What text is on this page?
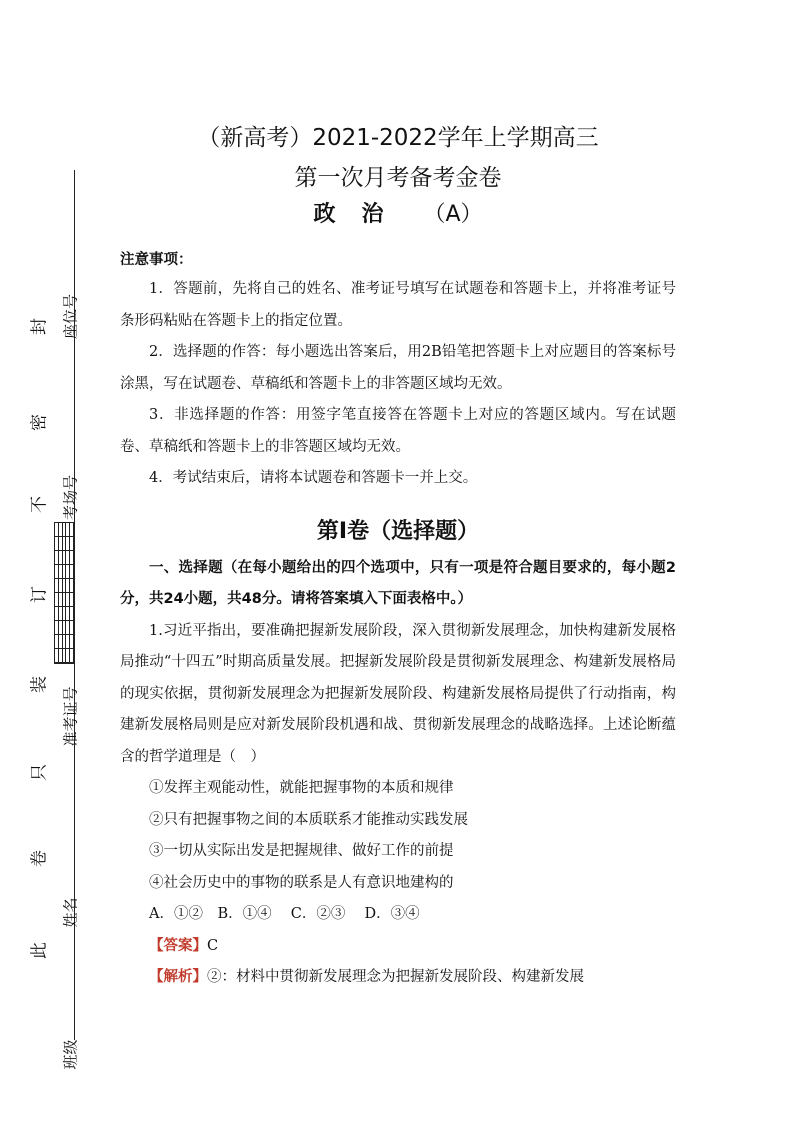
封
密
不
订
装
只
卷
此
座位号
考场号
准考证号
姓名
班级
（新高考）2021-2022学年上学期高三
第一次月考备考金卷
政　治 （A）
注意事项：

1．答题前，先将自己的姓名、准考证号填写在试题卷和答题卡上，并将准考证号条形码粘贴在答题卡上的指定位置。

2．选择题的作答：每小题选出答案后，用2B铅笔把答题卡上对应题目的答案标号涂黑，写在试题卷、草稿纸和答题卡上的非答题区域均无效。

3．非选择题的作答：用签字笔直接答在答题卡上对应的答题区域内。写在试题卷、草稿纸和答题卡上的非答题区域均无效。

4．考试结束后，请将本试题卷和答题卡一并上交。

第Ⅰ卷（选择题）

一、选择题（在每小题给出的四个选项中，只有一项是符合题目要求的，每小题2分，共24小题，共48分。请将答案填入下面表格中。）

1.习近平指出，要准确把握新发展阶段，深入贯彻新发展理念，加快构建新发展格局推动“十四五”时期高质量发展。把握新发展阶段是贯彻新发展理念、构建新发展格局的现实依据，贯彻新发展理念为把握新发展阶段、构建新发展格局提供了行动指南，构建新发展格局则是应对新发展阶段机遇和战、贯彻新发展理念的战略选择。上述论断蕴含的哲学道理是（　）

①发挥主观能动性，就能把握事物的本质和规律

②只有把握事物之间的本质联系才能推动实践发展

③一切从实际出发是把握规律、做好工作的前提

④社会历史中的事物的联系是人有意识地建构的

A．①②　B．①④　 C．②③　 D．③④

【答案】C

【解析】②：材料中贯彻新发展理念为把握新发展阶段、构建新发展
